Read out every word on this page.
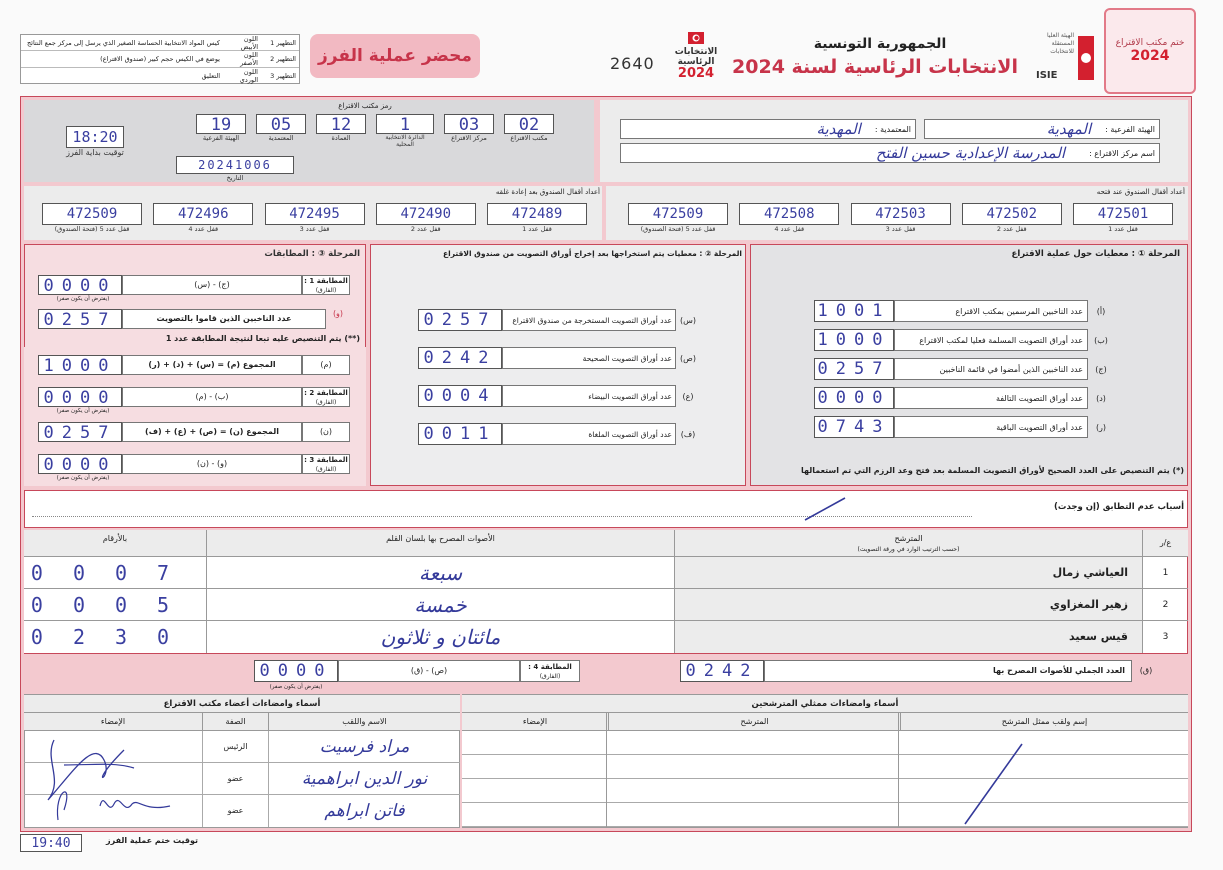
التظهير 1
اللون الأبيض
كيس المواد الانتخابية الحساسة الصغير الذي يرسل إلى مركز جمع النتائج
التظهير 2
اللون الأصفر
يوضع في الكيس حجم كبير (صندوق الاقتراع)
التظهير 3
اللون الوردي
التعليق
محضر عملية الفرز	2640
الانتخابات الرئاسية
2024
الجمهورية التونسية
الانتخابات الرئاسية لسنة 2024
الهيئة العليا المستقلة للانتخابات
ISIE
ختم مكتب الاقتراع
2024
رمز مكتب الاقتراع
18:20
توقيت بداية الفرز
02
مكتب الاقتراع
03
مركز الاقتراع
1
الدائرة الانتخابية المحلية
12
العمادة
05
المعتمدية
19
الهيئة الفرعية
20241006
التاريخ
الهيئة الفرعية :
المهدية
المعتمدية :
المهدية
اسم مركز الاقتراع :
المدرسة الإعدادية حسين الفتح
أعداد أقفال الصندوق بعد إعادة غلقه
472489
قفل عدد 1
472490
قفل عدد 2
472495
قفل عدد 3
472496
قفل عدد 4
472509
قفل عدد 5 (فتحة الصندوق)
أعداد أقفال الصندوق عند فتحه
472501
قفل عدد 1
472502
قفل عدد 2
472503
قفل عدد 3
472508
قفل عدد 4
472509
قفل عدد 5 (فتحة الصندوق)
المرحلة ① : معطيات حول عملية الاقتراع
(أ)
عدد الناخبين المرسمين بمكتب الاقتراع
1001
(ب)
عدد أوراق التصويت المسلمة فعليا لمكتب الاقتراع
1000
(ج)
عدد الناخبين الذين أمضوا في قائمة الناخبين
0257
(د)
عدد أوراق التصويت التالفة
0000
(ر)
عدد أوراق التصويت الباقية
0743
(*) يتم التنصيص على العدد الصحيح لأوراق التصويت المسلمة بعد فتح وعد الرزم التي تم استعمالها
المرحلة ② : معطيات يتم استخراجها بعد إخراج أوراق التصويت من صندوق الاقتراع
(س)
عدد أوراق التصويت المستخرجة من صندوق الاقتراع
0257
(ص)
عدد أوراق التصويت الصحيحة
0242
(ع)
عدد أوراق التصويت البيضاء
0004
(ف)
عدد أوراق التصويت الملغاة
0011
المرحلة ③ : المطابقات
المطابقة 1 :
(الفارق)
(ج) - (س)
0000
(يفترض أن يكون صفر)
(و)
عدد الناخبين الذين قاموا بالتصويت
0257
(**) يتم التنصيص عليه تبعا لنتيجة المطابقة عدد 1
(م)
المجموع (م) = (س) + (د) + (ر)
1000
المطابقة 2 :
(الفارق)
(ب) - (م)
0000
(يفترض أن يكون صفر)
(ن)
المجموع (ن) = (ص) + (ع) + (ف)
0257
المطابقة 3 :
(الفارق)
(و) - (ن)
0000
(يفترض أن يكون صفر)
أسباب عدم التطابق (إن وجدت)
ع/ر
المترشح
(حسب الترتيب الوارد في ورقة التصويت)
الأصوات المصرح بها بلسان القلم
بالأرقام
1
العياشي زمال
سبعة
0007
2
زهير المغزاوي
خمسة
0005
3
قيس سعيد
مائتان و ثلاثون
0230
(ق)
العدد الجملي للأصوات المصرح بها
0242
المطابقة 4 :
(الفارق)
(ص) - (ق)
0000
(يفترض أن يكون صفر)
أسماء وامضاءات ممثلي المترشحين
إسم ولقب ممثل المترشح
المترشح
الإمضاء
أسماء وامضاءات أعضاء مكتب الاقتراع
الاسم واللقب
الصفة
الإمضاء
مراد فرسيت
الرئيس
نور الدين ابراهمية
عضو
فاتن ابراهم
عضو
19:40	توقيت ختم عملية الفرز
